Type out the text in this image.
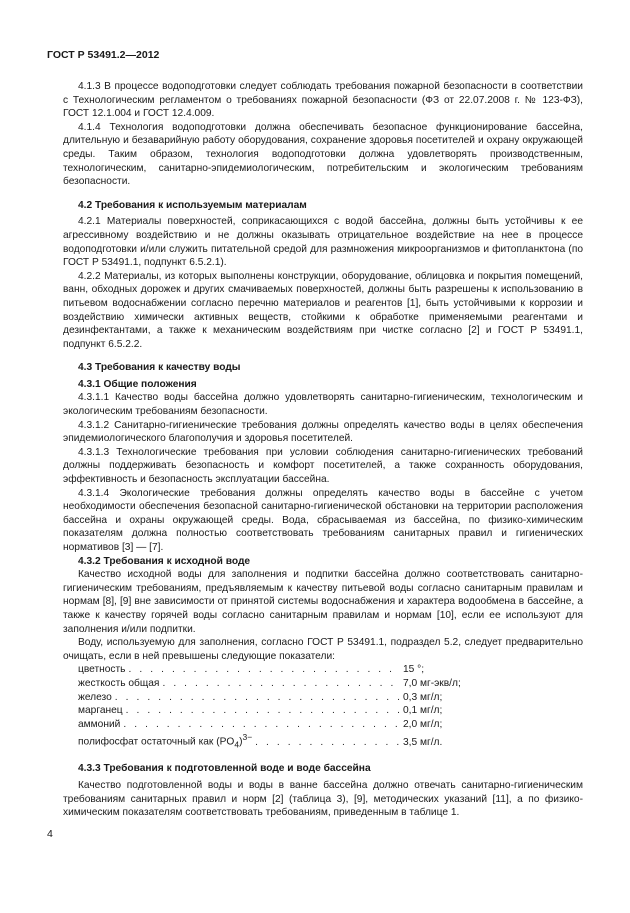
ГОСТ Р 53491.2—2012

4.1.3 В процессе водоподготовки следует соблюдать требования пожарной безопасности в соответствии с Технологическим регламентом о требованиях пожарной безопасности (ФЗ от 22.07.2008 г. № 123-ФЗ), ГОСТ 12.1.004 и ГОСТ 12.4.009.

4.1.4 Технология водоподготовки должна обеспечивать безопасное функционирование бассейна, длительную и безаварийную работу оборудования, сохранение здоровья посетителей и охрану окружающей среды. Таким образом, технология водоподготовки должна удовлетворять производственным, технологическим, санитарно-эпидемиологическим, потребительским и экологическим требованиям безопасности.

4.2 Требования к используемым материалам

4.2.1 Материалы поверхностей, соприкасающихся с водой бассейна, должны быть устойчивы к ее агрессивному воздействию и не должны оказывать отрицательное воздействие на нее в процессе водоподготовки и/или служить питательной средой для размножения микроорганизмов и фитопланктона (по ГОСТ Р 53491.1, подпункт 6.5.2.1).

4.2.2 Материалы, из которых выполнены конструкции, оборудование, облицовка и покрытия помещений, ванн, обходных дорожек и других смачиваемых поверхностей, должны быть разрешены к использованию в питьевом водоснабжении согласно перечню материалов и реагентов [1], быть устойчивыми к коррозии и воздействию химически активных веществ, стойкими к обработке применяемыми реагентами и дезинфектантами, а также к механическим воздействиям при чистке согласно [2] и ГОСТ Р 53491.1, подпункт 6.5.2.2.

4.3 Требования к качеству воды
4.3.1 Общие положения

4.3.1.1 Качество воды бассейна должно удовлетворять санитарно-гигиеническим, технологическим и экологическим требованиям безопасности.

4.3.1.2 Санитарно-гигиенические требования должны определять качество воды в целях обеспечения эпидемиологического благополучия и здоровья посетителей.

4.3.1.3 Технологические требования при условии соблюдения санитарно-гигиенических требований должны поддерживать безопасность и комфорт посетителей, а также сохранность оборудования, эффективность и безопасность эксплуатации бассейна.

4.3.1.4 Экологические требования должны определять качество воды в бассейне с учетом необходимости обеспечения безопасной санитарно-гигиенической обстановки на территории расположения бассейна и охраны окружающей среды. Вода, сбрасываемая из бассейна, по физико-химическим показателям должна полностью соответствовать требованиям санитарных правил и гигиенических нормативов [3] — [7].

4.3.2 Требования к исходной воде

Качество исходной воды для заполнения и подпитки бассейна должно соответствовать санитарно-гигиеническим требованиям, предъявляемым к качеству питьевой воды согласно санитарным правилам и нормам [8], [9] вне зависимости от принятой системы водоснабжения и характера водообмена в бассейне, а также к качеству горячей воды согласно санитарным правилам и нормам [10], если ее используют для заполнения и/или подпитки.

Воду, используемую для заполнения, согласно ГОСТ Р 53491.1, подраздел 5.2, следует предварительно очищать, если в ней превышены следующие показатели:

цветность . . .	15 °;
жесткость общая . . .	7,0 мг-экв/л;
железо . . .	0,3 мг/л;
марганец . . .	0,1 мг/л;
аммоний . . .	2,0 мг/л;
полифосфат остаточный как $(PO_4)^{3-}$ . . .	3,5 мг/л.
4.3.3 Требования к подготовленной воде и воде бассейна

Качество подготовленной воды и воды в ванне бассейна должно отвечать санитарно-гигиеническим требованиям санитарных правил и норм [2] (таблица 3), [9], методических указаний [11], а по физико-химическим показателям соответствовать требованиям, приведенным в таблице 1.

4
